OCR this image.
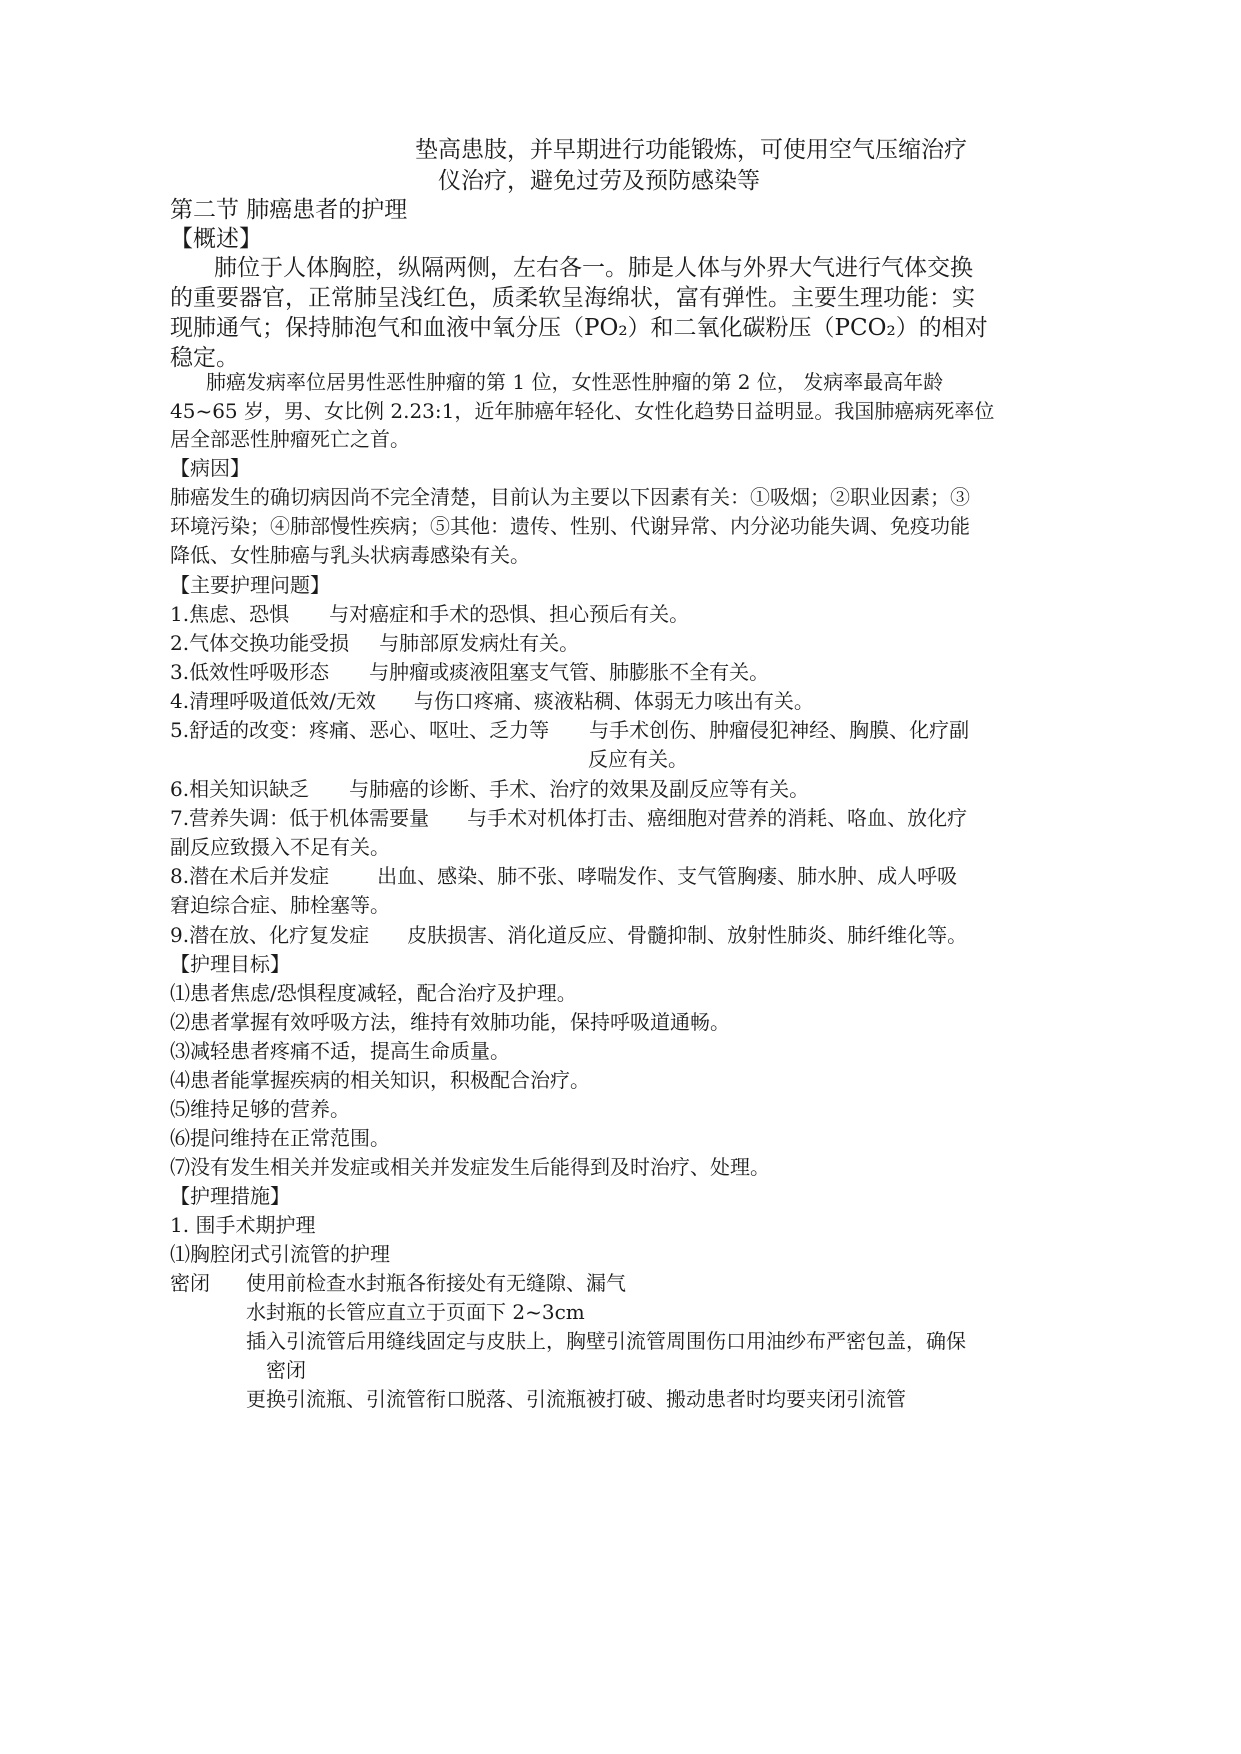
垫高患肢，并早期进行功能锻炼，可使用空气压缩治疗
仪治疗，避免过劳及预防感染等
第二节 肺癌患者的护理
【概述】
肺位于人体胸腔，纵隔两侧，左右各一。肺是人体与外界大气进行气体交换
的重要器官，正常肺呈浅红色，质柔软呈海绵状，富有弹性。主要生理功能：实
现肺通气；保持肺泡气和血液中氧分压（PO₂）和二氧化碳粉压（PCO₂）的相对
稳定。
肺癌发病率位居男性恶性肿瘤的第 1 位，女性恶性肿瘤的第 2 位， 发病率最高年龄
45~65 岁，男、女比例 2.23:1，近年肺癌年轻化、女性化趋势日益明显。我国肺癌病死率位
居全部恶性肿瘤死亡之首。
【病因】
肺癌发生的确切病因尚不完全清楚，目前认为主要以下因素有关：①吸烟；②职业因素；③
环境污染；④肺部慢性疾病；⑤其他：遗传、性别、代谢异常、内分泌功能失调、免疫功能
降低、女性肺癌与乳头状病毒感染有关。
【主要护理问题】
1.焦虑、恐惧 与对癌症和手术的恐惧、担心预后有关。
2.气体交换功能受损 与肺部原发病灶有关。
3.低效性呼吸形态 与肿瘤或痰液阻塞支气管、肺膨胀不全有关。
4.清理呼吸道低效/无效 与伤口疼痛、痰液粘稠、体弱无力咳出有关。
5.舒适的改变：疼痛、恶心、呕吐、乏力等 与手术创伤、肿瘤侵犯神经、胸膜、化疗副
反应有关。
6.相关知识缺乏 与肺癌的诊断、手术、治疗的效果及副反应等有关。
7.营养失调：低于机体需要量 与手术对机体打击、癌细胞对营养的消耗、咯血、放化疗
副反应致摄入不足有关。
8.潜在术后并发症 出血、感染、肺不张、哮喘发作、支气管胸瘘、肺水肿、成人呼吸
窘迫综合症、肺栓塞等。
9.潜在放、化疗复发症 皮肤损害、消化道反应、骨髓抑制、放射性肺炎、肺纤维化等。
【护理目标】
⑴患者焦虑/恐惧程度减轻，配合治疗及护理。
⑵患者掌握有效呼吸方法，维持有效肺功能，保持呼吸道通畅。
⑶减轻患者疼痛不适，提高生命质量。
⑷患者能掌握疾病的相关知识，积极配合治疗。
⑸维持足够的营养。
⑹提问维持在正常范围。
⑺没有发生相关并发症或相关并发症发生后能得到及时治疗、处理。
【护理措施】
1. 围手术期护理
⑴胸腔闭式引流管的护理
密闭 使用前检查水封瓶各衔接处有无缝隙、漏气
水封瓶的长管应直立于页面下 2~3cm
插入引流管后用缝线固定与皮肤上，胸壁引流管周围伤口用油纱布严密包盖，确保
密闭
更换引流瓶、引流管衔口脱落、引流瓶被打破、搬动患者时均要夹闭引流管
